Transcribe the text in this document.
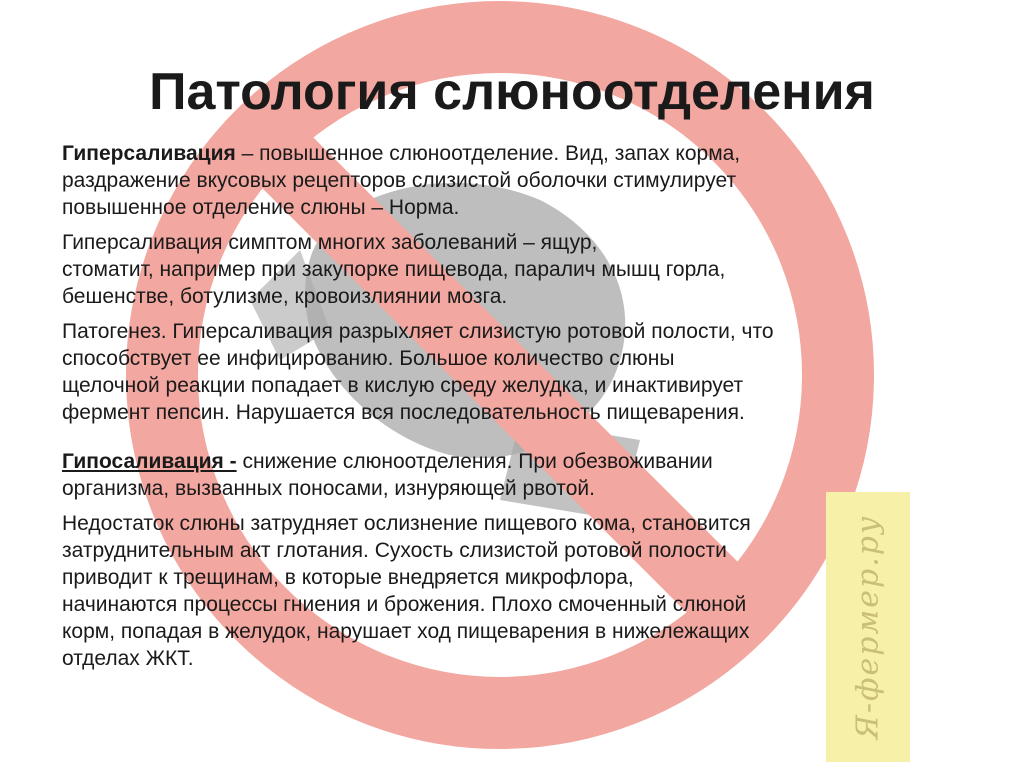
Я-фермер.ру
Патология слюноотделения

Гиперсаливация – повышенное слюноотделение. Вид, запах корма,
раздражение вкусовых рецепторов слизистой оболочки стимулирует
повышенное отделение слюны – Норма.

Гиперсаливация симптом многих заболеваний – ящур,
стоматит, например при закупорке пищевода, паралич мышц горла,
бешенстве, ботулизме, кровоизлиянии мозга.

Патогенез. Гиперсаливация разрыхляет слизистую ротовой полости, что
способствует ее инфицированию. Большое количество слюны
щелочной реакции попадает в кислую среду желудка, и инактивирует
фермент пепсин. Нарушается вся последовательность пищеварения.

Гипосаливация - снижение слюноотделения. При обезвоживании
организма, вызванных поносами, изнуряющей рвотой.

Недостаток слюны затрудняет ослизнение пищевого кома, становится
затруднительным акт глотания. Сухость слизистой ротовой полости
приводит к трещинам, в которые внедряется микрофлора,
начинаются процессы гниения и брожения. Плохо смоченный слюной
корм, попадая в желудок, нарушает ход пищеварения в нижележащих
отделах ЖКТ.
